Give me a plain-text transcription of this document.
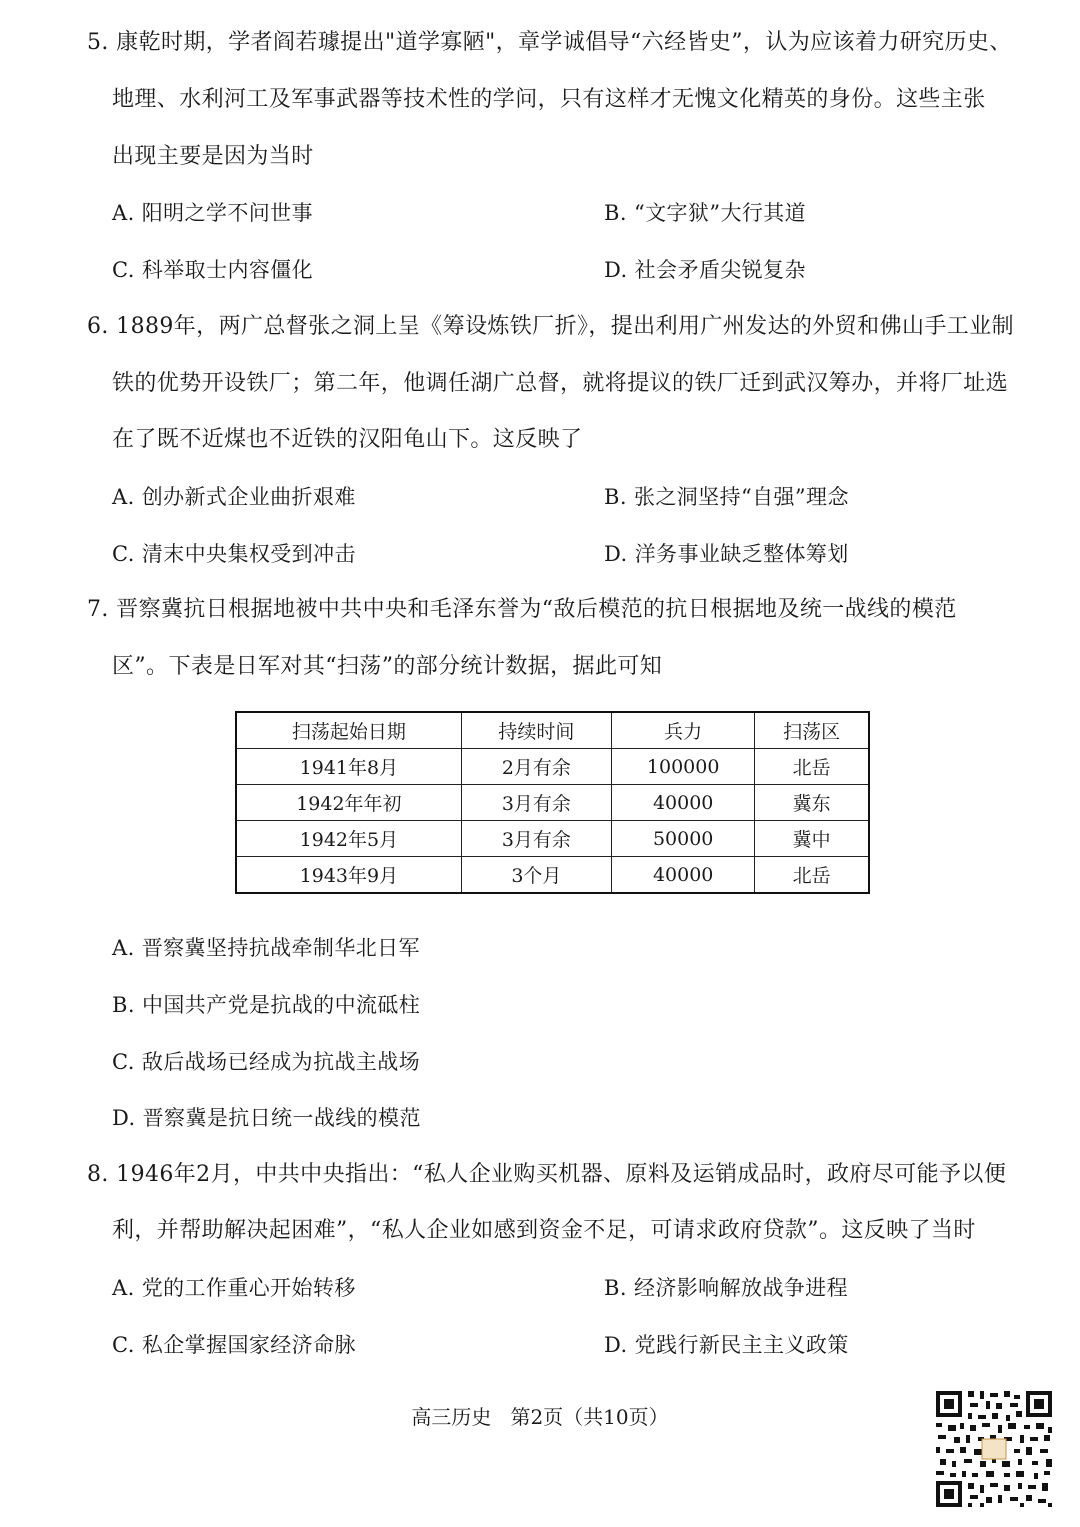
5. 康乾时期，学者阎若璩提出"道学寡陋"，章学诚倡导“六经皆史”，认为应该着力研究历史、
地理、水利河工及军事武器等技术性的学问，只有这样才无愧文化精英的身份。这些主张
出现主要是因为当时
A. 阳明之学不问世事	B. “文字狱”大行其道
C. 科举取士内容僵化	D. 社会矛盾尖锐复杂
6. 1889年，两广总督张之洞上呈《筹设炼铁厂折》，提出利用广州发达的外贸和佛山手工业制
铁的优势开设铁厂；第二年，他调任湖广总督，就将提议的铁厂迁到武汉筹办，并将厂址选
在了既不近煤也不近铁的汉阳龟山下。这反映了
A. 创办新式企业曲折艰难	B. 张之洞坚持“自强”理念
C. 清末中央集权受到冲击	D. 洋务事业缺乏整体筹划
7. 晋察冀抗日根据地被中共中央和毛泽东誉为“敌后模范的抗日根据地及统一战线的模范
区”。下表是日军对其“扫荡”的部分统计数据，据此可知
扫荡起始日期	持续时间	兵力	扫荡区
1941年8月	2月有余	100000	北岳
1942年年初	3月有余	40000	冀东
1942年5月	3月有余	50000	冀中
1943年9月	3个月	40000	北岳
A. 晋察冀坚持抗战牵制华北日军
B. 中国共产党是抗战的中流砥柱
C. 敌后战场已经成为抗战主战场
D. 晋察冀是抗日统一战线的模范
8. 1946年2月，中共中央指出：“私人企业购买机器、原料及运销成品时，政府尽可能予以便
利，并帮助解决起困难”，“私人企业如感到资金不足，可请求政府贷款”。这反映了当时
A. 党的工作重心开始转移	B. 经济影响解放战争进程
C. 私企掌握国家经济命脉	D. 党践行新民主主义政策
高三历史   第2页（共10页）
